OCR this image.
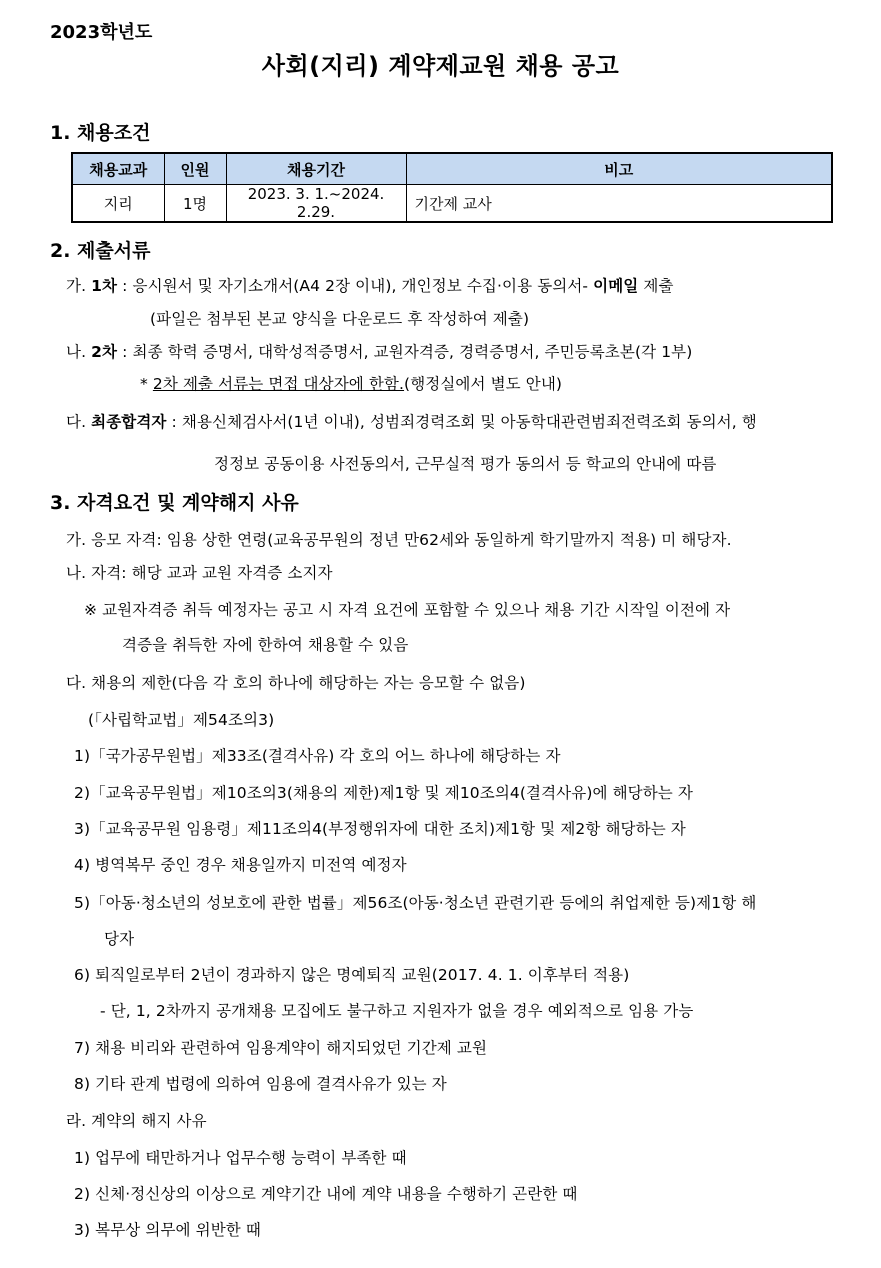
2023학년도
사회(지리) 계약제교원 채용 공고
1. 채용조건
채용교과	인원	채용기간	비고
지리	1명	2023. 3. 1.~2024. 2.29.	기간제 교사
2. 제출서류
가. 1차 : 응시원서 및 자기소개서(A4 2장 이내), 개인정보 수집·이용 동의서- 이메일 제출
(파일은 첨부된 본교 양식을 다운로드 후 작성하여 제출)
나. 2차 : 최종 학력 증명서, 대학성적증명서, 교원자격증, 경력증명서, 주민등록초본(각 1부)
* 2차 제출 서류는 면접 대상자에 한함.(행정실에서 별도 안내)
다. 최종합격자 : 채용신체검사서(1년 이내), 성범죄경력조회 및 아동학대관련범죄전력조회 동의서, 행
정정보 공동이용 사전동의서, 근무실적 평가 동의서 등 학교의 안내에 따름
3. 자격요건 및 계약해지 사유
가. 응모 자격: 임용 상한 연령(교육공무원의 정년 만62세와 동일하게 학기말까지 적용) 미 해당자.
나. 자격: 해당 교과 교원 자격증 소지자
※ 교원자격증 취득 예정자는 공고 시 자격 요건에 포함할 수 있으나 채용 기간 시작일 이전에 자
격증을 취득한 자에 한하여 채용할 수 있음
다. 채용의 제한(다음 각 호의 하나에 해당하는 자는 응모할 수 없음)
(「사립학교법」제54조의3)
1)「국가공무원법」제33조(결격사유) 각 호의 어느 하나에 해당하는 자
2)「교육공무원법」제10조의3(채용의 제한)제1항 및 제10조의4(결격사유)에 해당하는 자
3)「교육공무원 임용령」제11조의4(부정행위자에 대한 조치)제1항 및 제2항 해당하는 자
4) 병역복무 중인 경우 채용일까지 미전역 예정자
5)「아동·청소년의 성보호에 관한 법률」제56조(아동·청소년 관련기관 등에의 취업제한 등)제1항 해
당자
6) 퇴직일로부터 2년이 경과하지 않은 명예퇴직 교원(2017. 4. 1. 이후부터 적용)
- 단, 1, 2차까지 공개채용 모집에도 불구하고 지원자가 없을 경우 예외적으로 임용 가능
7) 채용 비리와 관련하여 임용계약이 해지되었던 기간제 교원
8) 기타 관계 법령에 의하여 임용에 결격사유가 있는 자
라. 계약의 해지 사유
1) 업무에 태만하거나 업무수행 능력이 부족한 때
2) 신체·정신상의 이상으로 계약기간 내에 계약 내용을 수행하기 곤란한 때
3) 복무상 의무에 위반한 때
